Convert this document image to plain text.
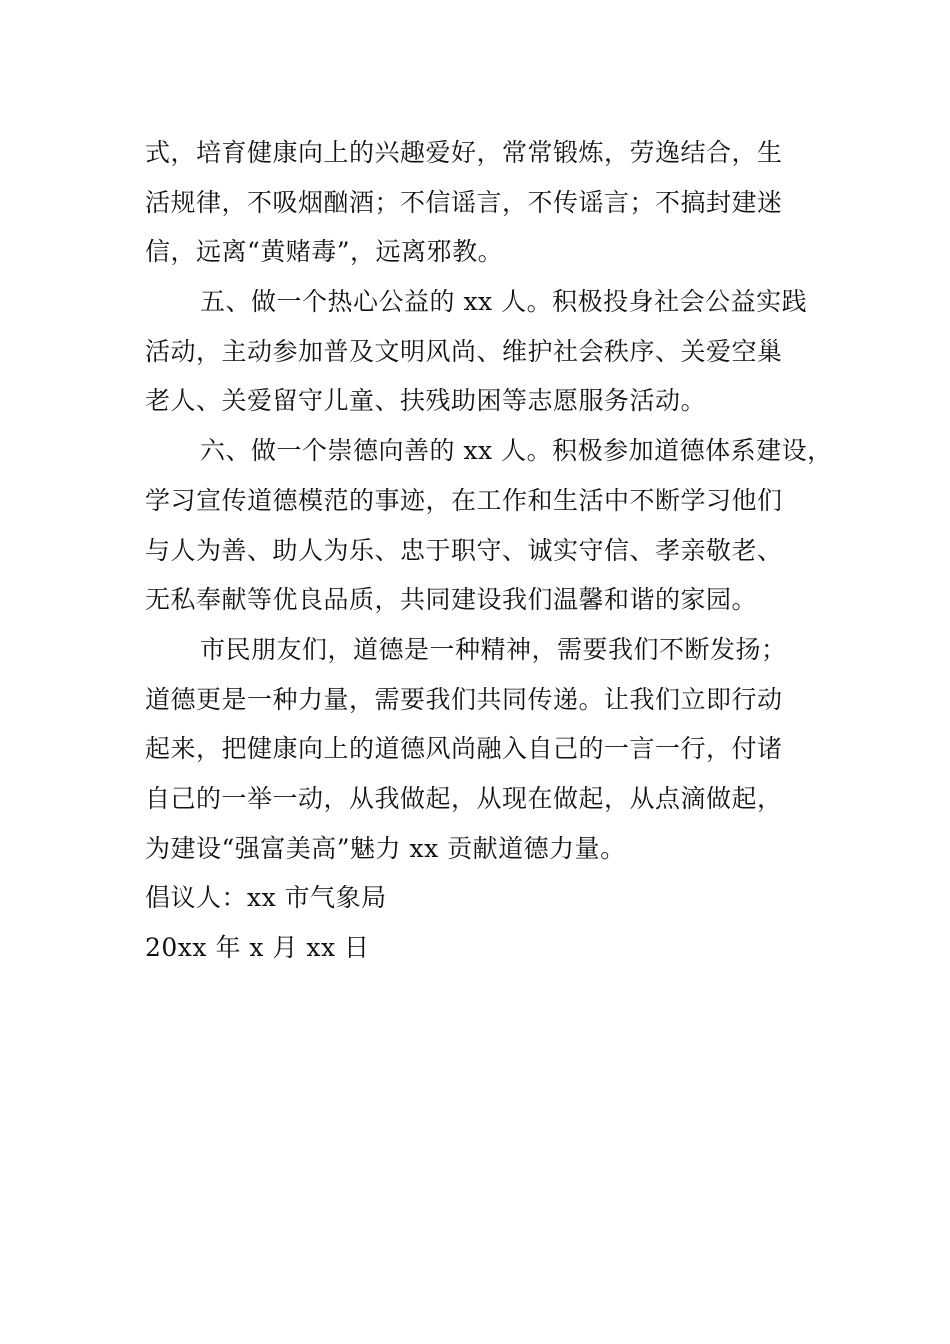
式，培育健康向上的兴趣爱好，常常锻炼，劳逸结合，生
活规律，不吸烟酗酒；不信谣言，不传谣言；不搞封建迷
信，远离“黄赌毒”，远离邪教。
五、做一个热心公益的 xx 人。积极投身社会公益实践
活动，主动参加普及文明风尚、维护社会秩序、关爱空巢
老人、关爱留守儿童、扶残助困等志愿服务活动。
六、做一个崇德向善的 xx 人。积极参加道德体系建设，
学习宣传道德模范的事迹，在工作和生活中不断学习他们
与人为善、助人为乐、忠于职守、诚实守信、孝亲敬老、
无私奉献等优良品质，共同建设我们温馨和谐的家园。
市民朋友们，道德是一种精神，需要我们不断发扬；
道德更是一种力量，需要我们共同传递。让我们立即行动
起来，把健康向上的道德风尚融入自己的一言一行，付诸
自己的一举一动，从我做起，从现在做起，从点滴做起，
为建设“强富美高”魅力 xx 贡献道德力量。
倡议人：xx 市气象局
20xx 年 x 月 xx 日
